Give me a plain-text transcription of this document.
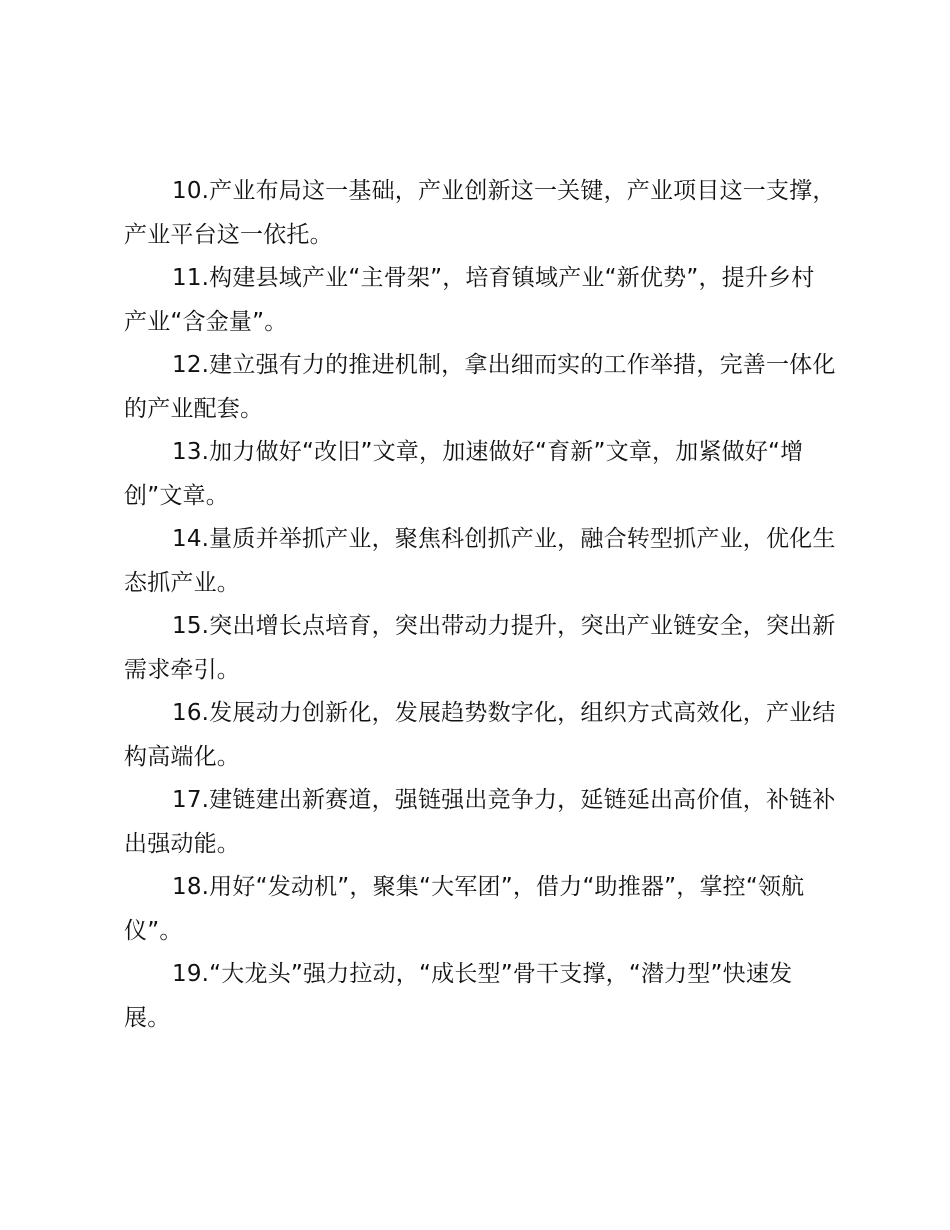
10.产业布局这一基础，产业创新这一关键，产业项目这一支撑，产业平台这一依托。

11.构建县域产业“主骨架”，培育镇域产业“新优势”，提升乡村产业“含金量”。

12.建立强有力的推进机制，拿出细而实的工作举措，完善一体化的产业配套。

13.加力做好“改旧”文章，加速做好“育新”文章，加紧做好“增创”文章。

14.量质并举抓产业，聚焦科创抓产业，融合转型抓产业，优化生态抓产业。

15.突出增长点培育，突出带动力提升，突出产业链安全，突出新需求牵引。

16.发展动力创新化，发展趋势数字化，组织方式高效化，产业结构高端化。

17.建链建出新赛道，强链强出竞争力，延链延出高价值，补链补出强动能。

18.用好“发动机”，聚集“大军团”，借力“助推器”，掌控“领航仪”。

19.“大龙头”强力拉动，“成长型”骨干支撑，“潜力型”快速发展。
